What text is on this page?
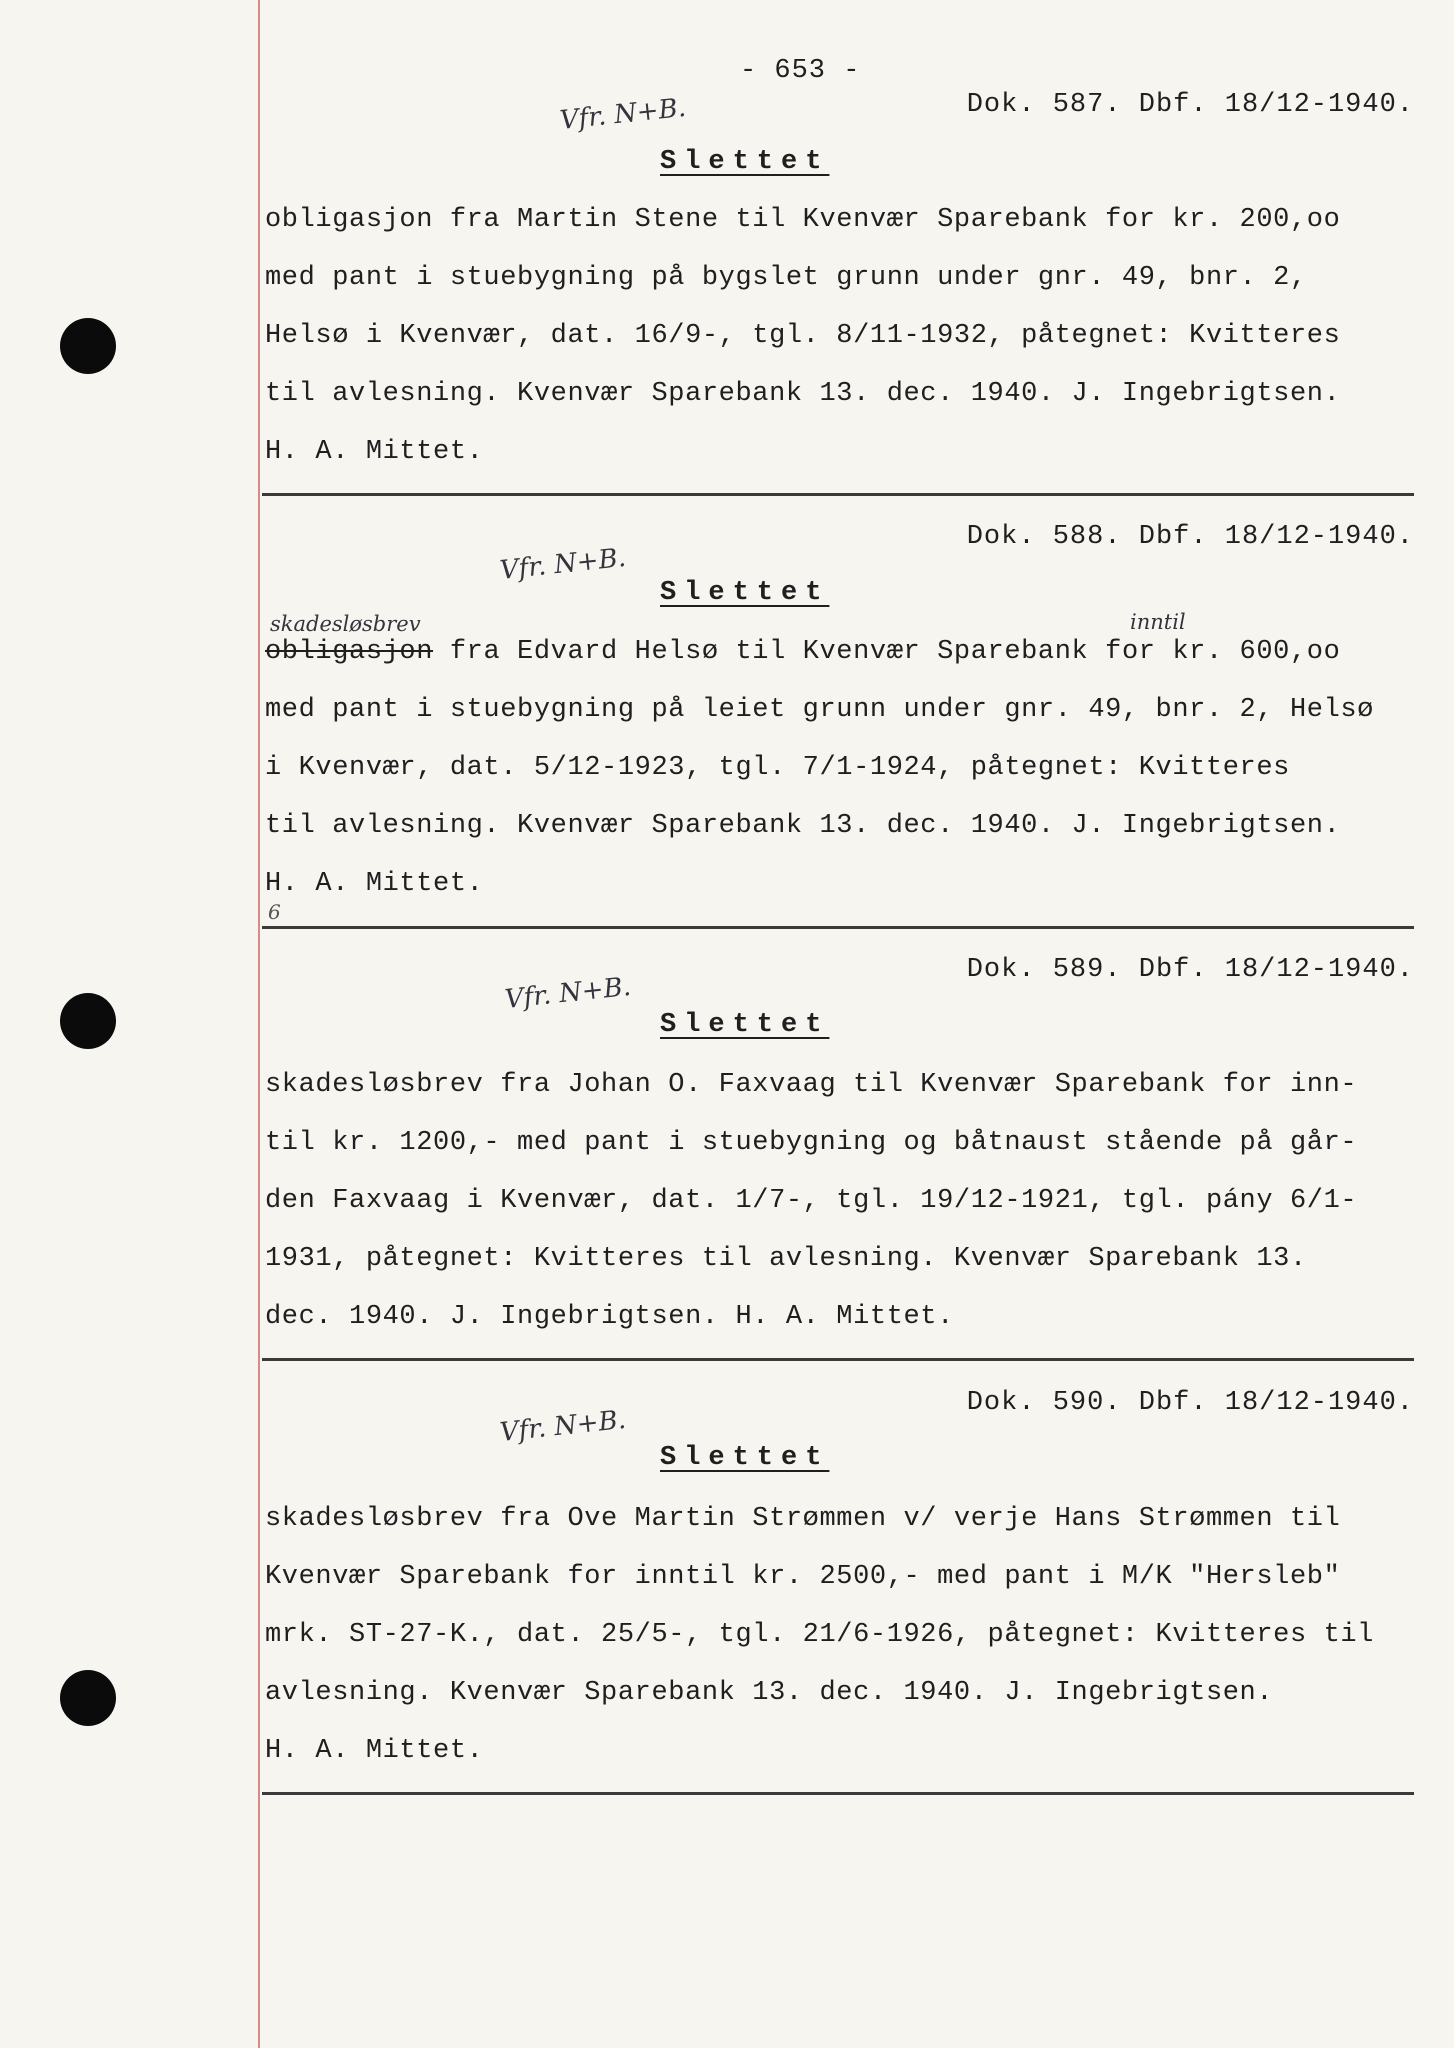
- 653 -
Vfr. N+B.	Dok. 587. Dbf. 18/12-1940.
Slettet
obligasjon fra Martin Stene til Kvenvær Sparebank for kr. 200,oo
med pant i stuebygning på bygslet grunn under gnr. 49, bnr. 2,
Helsø i Kvenvær, dat. 16/9-, tgl. 8/11-1932, påtegnet: Kvitteres
til avlesning. Kvenvær Sparebank 13. dec. 1940. J. Ingebrigtsen.
H. A. Mittet.
Dok. 588. Dbf. 18/12-1940.
Vfr. N+B.
Slettet
skadesløsbrev	inntil
obligasjon fra Edvard Helsø til Kvenvær Sparebank for kr. 600,oo
med pant i stuebygning på leiet grunn under gnr. 49, bnr. 2, Helsø
i Kvenvær, dat. 5/12-1923, tgl. 7/1-1924, påtegnet: Kvitteres
til avlesning. Kvenvær Sparebank 13. dec. 1940. J. Ingebrigtsen.
H. A. Mittet.
6
Dok. 589. Dbf. 18/12-1940.
Vfr. N+B.
Slettet
skadesløsbrev fra Johan O. Faxvaag til Kvenvær Sparebank for inn-
til kr. 1200,- med pant i stuebygning og båtnaust stående på går-
den Faxvaag i Kvenvær, dat. 1/7-, tgl. 19/12-1921, tgl. pány 6/1-
1931, påtegnet: Kvitteres til avlesning. Kvenvær Sparebank 13.
dec. 1940. J. Ingebrigtsen. H. A. Mittet.
Dok. 590. Dbf. 18/12-1940.
Vfr. N+B.
Slettet
skadesløsbrev fra Ove Martin Strømmen v/ verje Hans Strømmen til
Kvenvær Sparebank for inntil kr. 2500,- med pant i M/K "Hersleb"
mrk. ST-27-K., dat. 25/5-, tgl. 21/6-1926, påtegnet: Kvitteres til
avlesning. Kvenvær Sparebank 13. dec. 1940. J. Ingebrigtsen.
H. A. Mittet.
